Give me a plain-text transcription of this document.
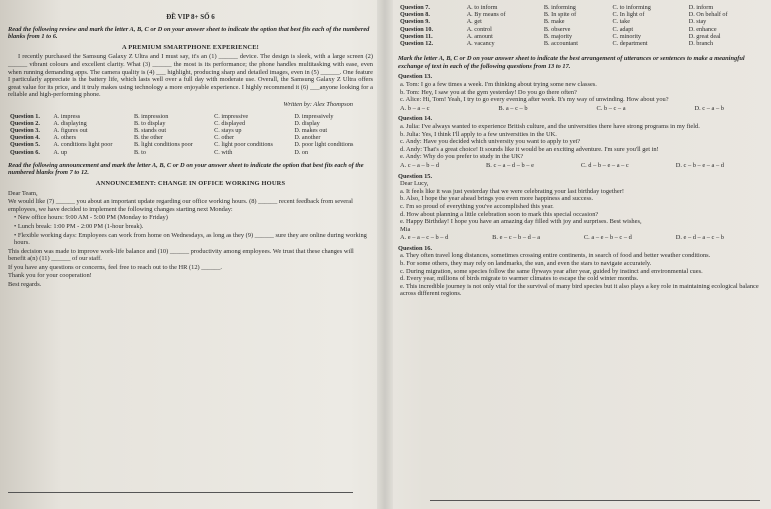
ĐỀ VIP 8+ SỐ 6
Read the following review and mark the letter A, B, C or D on your answer sheet to indicate the option that best fits each of the numbered blanks from 1 to 6.
A PREMIUM SMARTPHONE EXPERIENCE!

I recently purchased the Samsung Galaxy Z Ultra and I must say, it's an (1) ______ device. The design is sleek, with a large screen (2) ______ vibrant colours and excellent clarity. What (3) ______ the most is its performance; the phone handles multitasking with ease, even when running demanding apps. The camera quality is (4) ___ highlight, producing sharp and detailed images, even in (5) ______. One feature I particularly appreciate is the battery life, which lasts well over a full day with moderate use. Overall, the Samsung Galaxy Z Ultra offers great value for its price, and it truly makes using technology a more enjoyable experience. I highly recommend it (6) ___anyone looking for a reliable and high-performing phone.

Written by: Alex Thompson
Question 1.	A. impress	B. impression	C. impressive	D. impressively
Question 2.	A. displaying	B. to display	C. displayed	D. display
Question 3.	A. figures out	B. stands out	C. stays up	D. makes out
Question 4.	A. others	B. the other	C. other	D. another
Question 5.	A. conditions light poor	B. light conditions poor	C. light poor conditions	D. poor light conditions
Question 6.	A. up	B. to	C. with	D. on
Read the following announcement and mark the letter A, B, C or D on your answer sheet to indicate the option that best fits each of the numbered blanks from 7 to 12.
ANNOUNCEMENT: CHANGE IN OFFICE WORKING HOURS
Dear Team,
We would like (7) ______ you about an important update regarding our office working hours. (8) ______ recent feedback from several employees, we have decided to implement the following changes starting next Monday:
• New office hours: 9:00 AM - 5:00 PM (Monday to Friday)
• Lunch break: 1:00 PM - 2:00 PM (1-hour break).
• Flexible working days: Employees can work from home on Wednesdays, as long as they (9) ______ sure they are online during working hours.
This decision was made to improve work-life balance and (10) ______ productivity among employees. We trust that these changes will benefit a(n) (11) ______ of our staff.
If you have any questions or concerns, feel free to reach out to the HR (12) ______.
Thank you for your cooperation!
Best regards.
Question 7.	A. to inform	B. informing	C. to informing	D. inform
Question 8.	A. By means of	B. In spite of	C. In light of	D. On behalf of
Question 9.	A. get	B. make	C. take	D. stay
Question 10.	A. control	B. observe	C. adapt	D. enhance
Question 11.	A. amount	B. majority	C. minority	D. great deal
Question 12.	A. vacancy	B. accountant	C. department	D. branch
Mark the letter A, B, C or D on your answer sheet to indicate the best arrangement of utterances or sentences to make a meaningful exchange of text in each of the following questions from 13 to 17.
Question 13.
a. Tom: I go a few times a week. I'm thinking about trying some new classes.
b. Tom: Hey, I saw you at the gym yesterday! Do you go there often?
c. Alice: Hi, Tom! Yeah, I try to go every evening after work. It's my way of unwinding. How about you?
A. b – a – c	B. a – c – b	C. b – c – a	D. c – a – b
Question 14.
a. Julia: I've always wanted to experience British culture, and the universities there have strong programs in my field.
b. Julia: Yes, I think I'll apply to a few universities in the UK.
c. Andy: Have you decided which university you want to apply to yet?
d. Andy: That's a great choice! It sounds like it would be an exciting adventure. I'm sure you'll get in!
e. Andy: Why do you prefer to study in the UK?
A. c – a – b – d	B. c – a – d – b – e	C. d – b – e – a – c	D. c – b – e – a – d
Question 15.
Dear Lucy,
a. It feels like it was just yesterday that we were celebrating your last birthday together!
b. Also, I hope the year ahead brings you even more happiness and success.
c. I'm so proud of everything you've accomplished this year.
d. How about planning a little celebration soon to mark this special occasion?
e. Happy Birthday! I hope you have an amazing day filled with joy and surprises. Best wishes,
Mia
A. e – a – c – b – d	B. e – c – b – d – a	C. a – e – b – c – d	D. e – d – a – c – b
Question 16.
a. They often travel long distances, sometimes crossing entire continents, in search of food and better weather conditions.
b. For some others, they may rely on landmarks, the sun, and even the stars to navigate accurately.
c. During migration, some species follow the same flyways year after year, guided by instinct and environmental cues.
d. Every year, millions of birds migrate to warmer climates to escape the cold winter months.
e. This incredible journey is not only vital for the survival of many bird species but it also plays a key role in maintaining ecological balance across different regions.
